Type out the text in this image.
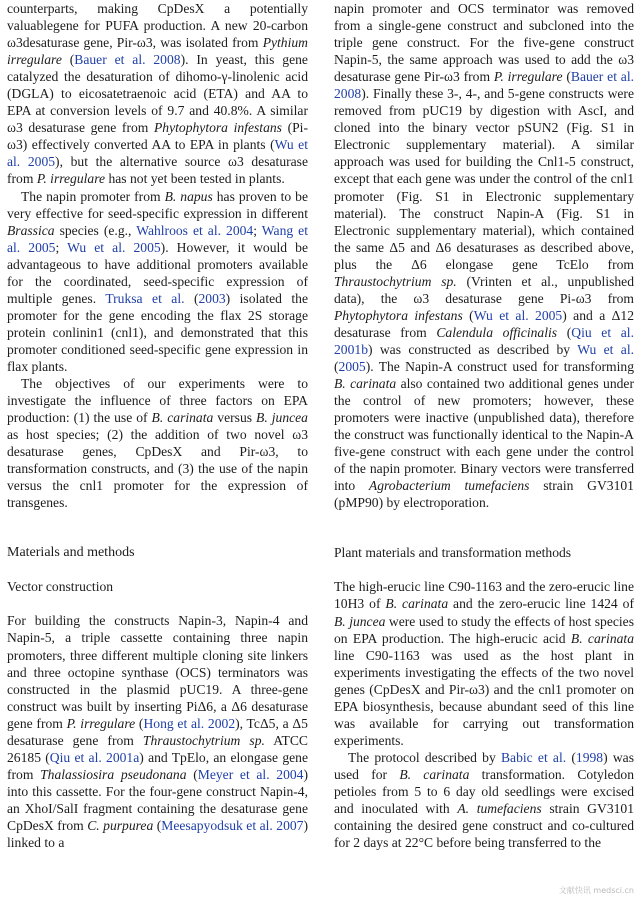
counterparts, making CpDesX a potentially valuablegene for PUFA production. A new 20-carbon ω3desaturase gene, Pir-ω3, was isolated from Pythium irregulare (Bauer et al. 2008). In yeast, this gene catalyzed the desaturation of dihomo-γ-linolenic acid (DGLA) to eicosatetraenoic acid (ETA) and AA to EPA at conversion levels of 9.7 and 40.8%. A similar ω3 desaturase gene from Phytophytora infestans (Pi-ω3) effectively converted AA to EPA in plants (Wu et al. 2005), but the alternative source ω3 desaturase from P. irregulare has not yet been tested in plants.

The napin promoter from B. napus has proven to be very effective for seed-specific expression in different Brassica species (e.g., Wahlroos et al. 2004; Wang et al. 2005; Wu et al. 2005). However, it would be advantageous to have additional promoters available for the coordinated, seed-specific expression of multiple genes. Truksa et al. (2003) isolated the promoter for the gene encoding the flax 2S storage protein conlinin1 (cnl1), and demonstrated that this promoter conditioned seed-specific gene expression in flax plants.

The objectives of our experiments were to investigate the influence of three factors on EPA production: (1) the use of B. carinata versus B. juncea as host species; (2) the addition of two novel ω3 desaturase genes, CpDesX and Pir-ω3, to transformation constructs, and (3) the use of the napin versus the cnl1 promoter for the expression of transgenes.

Materials and methods
Vector construction

For building the constructs Napin-3, Napin-4 and Napin-5, a triple cassette containing three napin promoters, three different multiple cloning site linkers and three octopine synthase (OCS) terminators was constructed in the plasmid pUC19. A three-gene construct was built by inserting PiΔ6, a Δ6 desaturase gene from P. irregulare (Hong et al. 2002), TcΔ5, a Δ5 desaturase gene from Thraustochytrium sp. ATCC 26185 (Qiu et al. 2001a) and TpElo, an elongase gene from Thalassiosira pseudonana (Meyer et al. 2004) into this cassette. For the four-gene construct Napin-4, an XhoI/SalI fragment containing the desaturase gene CpDesX from C. purpurea (Meesapyodsuk et al. 2007) linked to a

napin promoter and OCS terminator was removed from a single-gene construct and subcloned into the triple gene construct. For the five-gene construct Napin-5, the same approach was used to add the ω3 desaturase gene Pir-ω3 from P. irregulare (Bauer et al. 2008). Finally these 3-, 4-, and 5-gene constructs were removed from pUC19 by digestion with AscI, and cloned into the binary vector pSUN2 (Fig. S1 in Electronic supplementary material). A similar approach was used for building the Cnl1-5 construct, except that each gene was under the control of the cnl1 promoter (Fig. S1 in Electronic supplementary material). The construct Napin-A (Fig. S1 in Electronic supplementary material), which contained the same Δ5 and Δ6 desaturases as described above, plus the Δ6 elongase gene TcElo from Thraustochytrium sp. (Vrinten et al., unpublished data), the ω3 desaturase gene Pi-ω3 from Phytophytora infestans (Wu et al. 2005) and a Δ12 desaturase from Calendula officinalis (Qiu et al. 2001b) was constructed as described by Wu et al. (2005). The Napin-A construct used for transforming B. carinata also contained two additional genes under the control of new promoters; however, these promoters were inactive (unpublished data), therefore the construct was functionally identical to the Napin-A five-gene construct with each gene under the control of the napin promoter. Binary vectors were transferred into Agrobacterium tumefaciens strain GV3101 (pMP90) by electroporation.

Plant materials and transformation methods

The high-erucic line C90-1163 and the zero-erucic line 10H3 of B. carinata and the zero-erucic line 1424 of B. juncea were used to study the effects of host species on EPA production. The high-erucic acid B. carinata line C90-1163 was used as the host plant in experiments investigating the effects of the two novel genes (CpDesX and Pir-ω3) and the cnl1 promoter on EPA biosynthesis, because abundant seed of this line was available for carrying out transformation experiments.

The protocol described by Babic et al. (1998) was used for B. carinata transformation. Cotyledon petioles from 5 to 6 day old seedlings were excised and inoculated with A. tumefaciens strain GV3101 containing the desired gene construct and co-cultured for 2 days at 22°C before being transferred to the

文献快讯 medsci.cn
